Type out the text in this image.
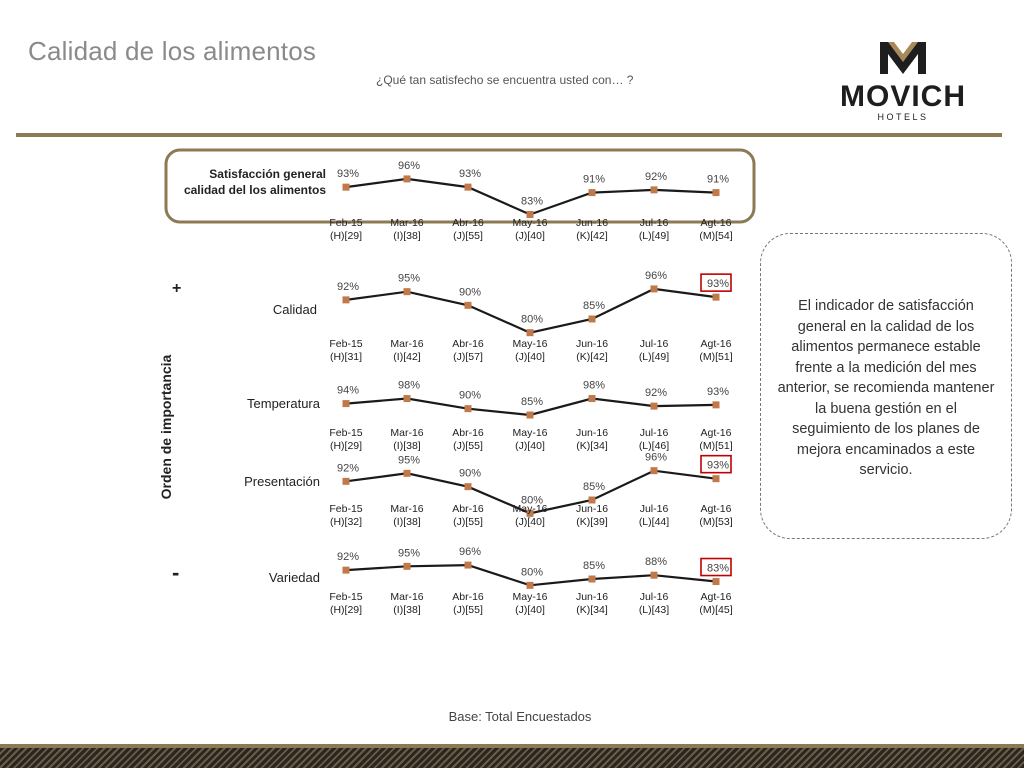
Calidad de los alimentos
¿Qué tan satisfecho se encuentra usted con… ?	MOVICH
HOTELS
Satisfacción general
calidad del los alimentos
93%
Feb-15
(H)[29]
96%
Mar-16
(I)[38]
93%
Abr-16
(J)[55]
83%
May-16
(J)[40]
91%
Jun-16
(K)[42]
92%
Jul-16
(L)[49]
91%
Agt-16
(M)[54]
Calidad
92%
Feb-15
(H)[31]
95%
Mar-16
(I)[42]
90%
Abr-16
(J)[57]
80%
May-16
(J)[40]
85%
Jun-16
(K)[42]
96%
Jul-16
(L)[49]
93%
Agt-16
(M)[51]
Temperatura
94%
Feb-15
(H)[29]
98%
Mar-16
(I)[38]
90%
Abr-16
(J)[55]
85%
May-16
(J)[40]
98%
Jun-16
(K)[34]
92%
Jul-16
(L)[46]
93%
Agt-16
(M)[51]
Presentación
92%
Feb-15
(H)[32]
95%
Mar-16
(I)[38]
90%
Abr-16
(J)[55]
80%
May-16
(J)[40]
85%
Jun-16
(K)[39]
96%
Jul-16
(L)[44]
93%
Agt-16
(M)[53]
Variedad
92%
Feb-15
(H)[29]
95%
Mar-16
(I)[38]
96%
Abr-16
(J)[55]
80%
May-16
(J)[40]
85%
Jun-16
(K)[34]
88%
Jul-16
(L)[43]
83%
Agt-16
(M)[45]
Orden de importancia
+
-
El indicador de satisfacción general en la calidad de los alimentos permanece estable frente a la medición del mes anterior, se recomienda mantener la buena gestión en el seguimiento de los planes de mejora encaminados a este servicio.
Base: Total Encuestados
